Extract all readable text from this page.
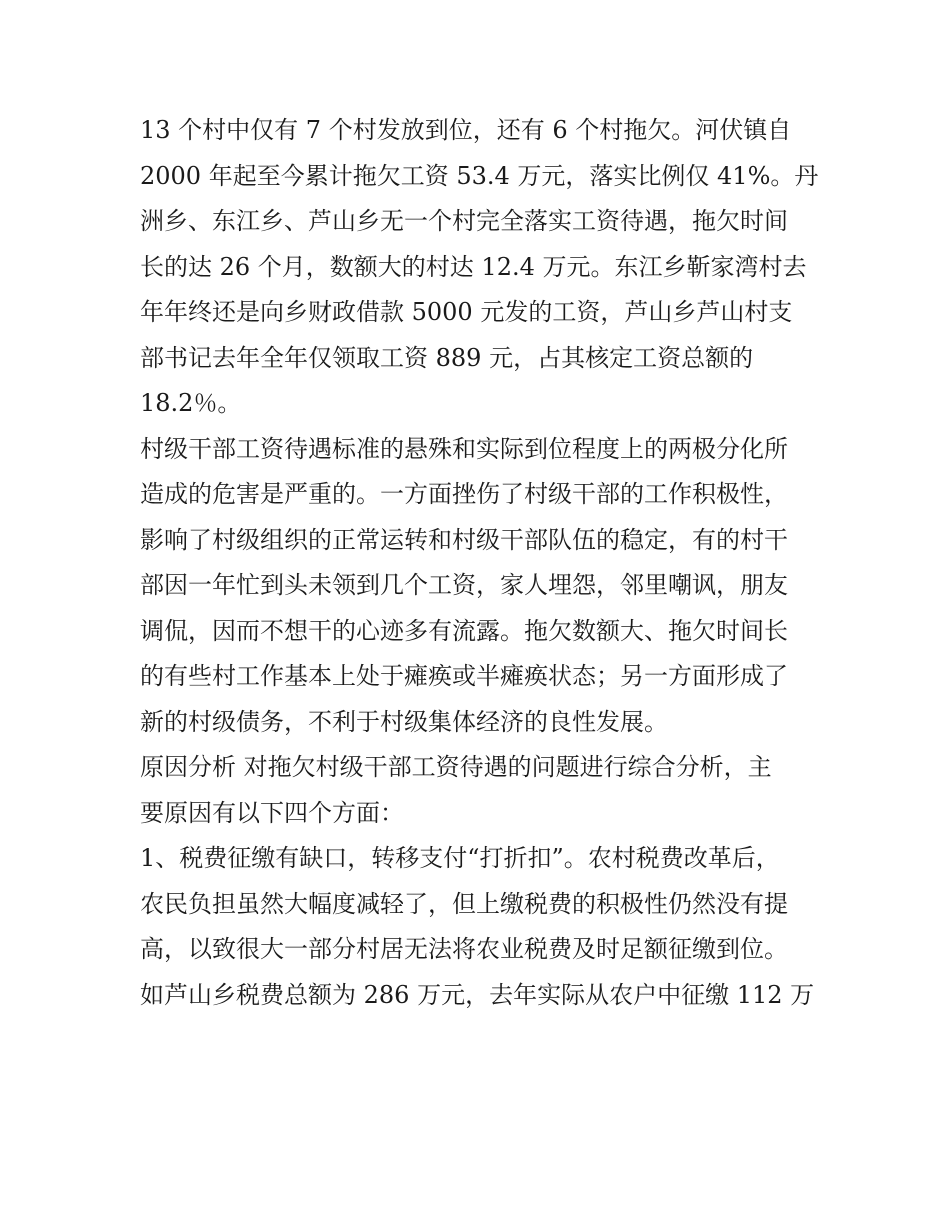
13 个村中仅有 7 个村发放到位，还有 6 个村拖欠。河伏镇自
2000 年起至今累计拖欠工资 53.4 万元，落实比例仅 41%。丹
洲乡、东江乡、芦山乡无一个村完全落实工资待遇，拖欠时间
长的达 26 个月，数额大的村达 12.4 万元。东江乡靳家湾村去
年年终还是向乡财政借款 5000 元发的工资，芦山乡芦山村支
部书记去年全年仅领取工资 889 元，占其核定工资总额的
18.2％。
村级干部工资待遇标准的悬殊和实际到位程度上的两极分化所
造成的危害是严重的。一方面挫伤了村级干部的工作积极性，
影响了村级组织的正常运转和村级干部队伍的稳定，有的村干
部因一年忙到头未领到几个工资，家人埋怨，邻里嘲讽，朋友
调侃，因而不想干的心迹多有流露。拖欠数额大、拖欠时间长
的有些村工作基本上处于瘫痪或半瘫痪状态；另一方面形成了
新的村级债务，不利于村级集体经济的良性发展。
原因分析 对拖欠村级干部工资待遇的问题进行综合分析，主
要原因有以下四个方面：
1、税费征缴有缺口，转移支付“打折扣”。农村税费改革后，
农民负担虽然大幅度减轻了，但上缴税费的积极性仍然没有提
高，以致很大一部分村居无法将农业税费及时足额征缴到位。
如芦山乡税费总额为 286 万元，去年实际从农户中征缴 112 万
